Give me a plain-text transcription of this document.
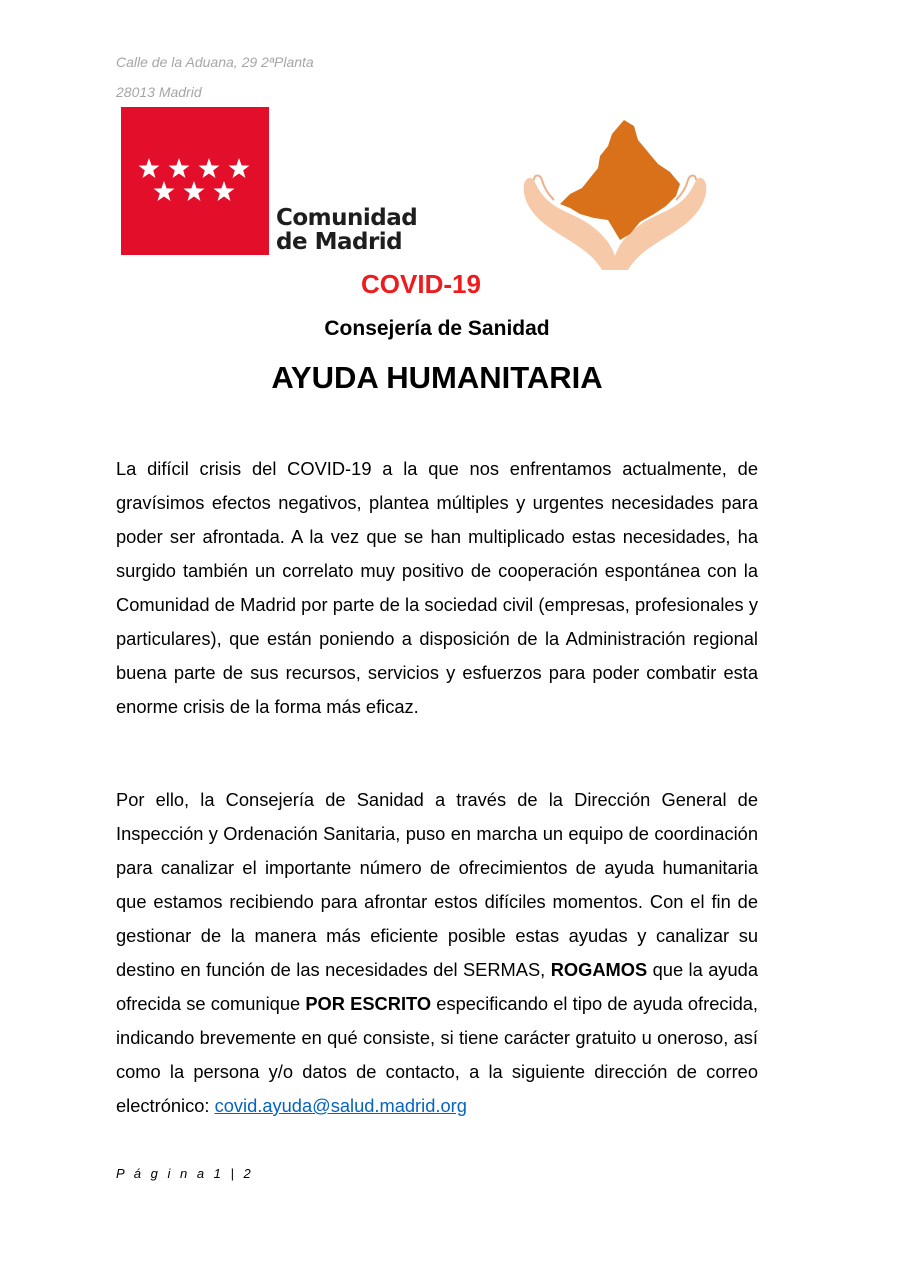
Calle de la Aduana, 29 2ªPlanta
28013 Madrid
Comunidad
de Madrid
COVID-19
Consejería de Sanidad
AYUDA HUMANITARIA

La difícil crisis del COVID-19 a la que nos enfrentamos actualmente, de gravísimos efectos negativos, plantea múltiples y urgentes necesidades para poder ser afrontada. A la vez que se han multiplicado estas necesidades, ha surgido también un correlato muy positivo de cooperación espontánea con la Comunidad de Madrid por parte de la sociedad civil (empresas, profesionales y particulares), que están poniendo a disposición de la Administración regional buena parte de sus recursos, servicios y esfuerzos para poder combatir esta enorme crisis de la forma más eficaz.

Por ello, la Consejería de Sanidad a través de la Dirección General de Inspección y Ordenación Sanitaria, puso en marcha un equipo de coordinación para canalizar el importante número de ofrecimientos de ayuda humanitaria que estamos recibiendo para afrontar estos difíciles momentos. Con el fin de gestionar de la manera más eficiente posible estas ayudas y canalizar su destino en función de las necesidades del SERMAS, ROGAMOS que la ayuda ofrecida se comunique POR ESCRITO especificando el tipo de ayuda ofrecida, indicando brevemente en qué consiste, si tiene carácter gratuito u oneroso, así como la persona y/o datos de contacto, a la siguiente dirección de correo electrónico: covid.ayuda@salud.madrid.org

P á g i n a 1 | 2
